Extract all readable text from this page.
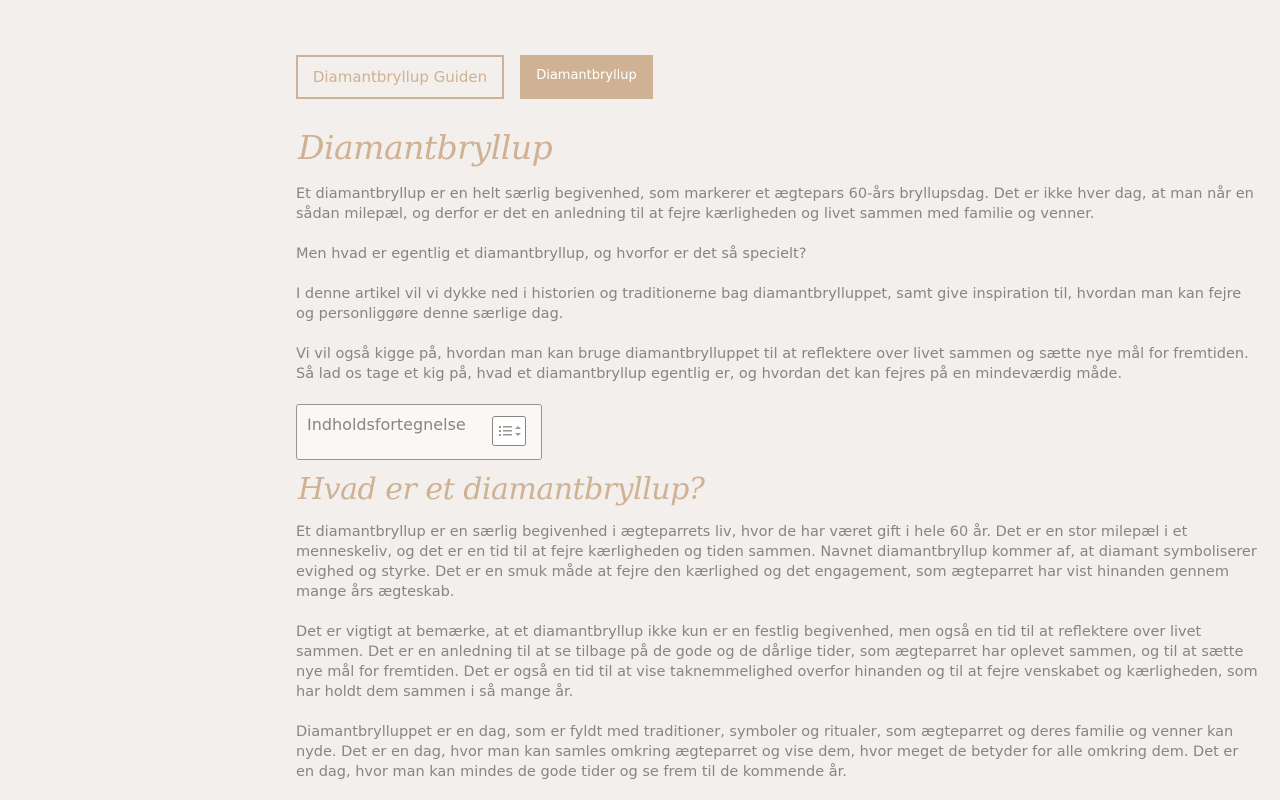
Diamantbryllup Guiden	Diamantbryllup
Diamantbryllup

Et diamantbryllup er en helt særlig begivenhed, som markerer et ægtepars 60-års bryllupsdag. Det er ikke hver dag, at man når en sådan milepæl, og derfor er det en anledning til at fejre kærligheden og livet sammen med familie og venner.

Men hvad er egentlig et diamantbryllup, og hvorfor er det så specielt?

I denne artikel vil vi dykke ned i historien og traditionerne bag diamantbrylluppet, samt give inspiration til, hvordan man kan fejre og personliggøre denne særlige dag.

Vi vil også kigge på, hvordan man kan bruge diamantbrylluppet til at reflektere over livet sammen og sætte nye mål for fremtiden. Så lad os tage et kig på, hvad et diamantbryllup egentlig er, og hvordan det kan fejres på en mindeværdig måde.

Indholdsfortegnelse
Hvad er et diamantbryllup?

Et diamantbryllup er en særlig begivenhed i ægteparrets liv, hvor de har været gift i hele 60 år. Det er en stor milepæl i et menneskeliv, og det er en tid til at fejre kærligheden og tiden sammen. Navnet diamantbryllup kommer af, at diamant symboliserer evighed og styrke. Det er en smuk måde at fejre den kærlighed og det engagement, som ægteparret har vist hinanden gennem mange års ægteskab.

Det er vigtigt at bemærke, at et diamantbryllup ikke kun er en festlig begivenhed, men også en tid til at reflektere over livet sammen. Det er en anledning til at se tilbage på de gode og de dårlige tider, som ægteparret har oplevet sammen, og til at sætte nye mål for fremtiden. Det er også en tid til at vise taknemmelighed overfor hinanden og til at fejre venskabet og kærligheden, som har holdt dem sammen i så mange år.

Diamantbrylluppet er en dag, som er fyldt med traditioner, symboler og ritualer, som ægteparret og deres familie og venner kan nyde. Det er en dag, hvor man kan samles omkring ægteparret og vise dem, hvor meget de betyder for alle omkring dem. Det er en dag, hvor man kan mindes de gode tider og se frem til de kommende år.
